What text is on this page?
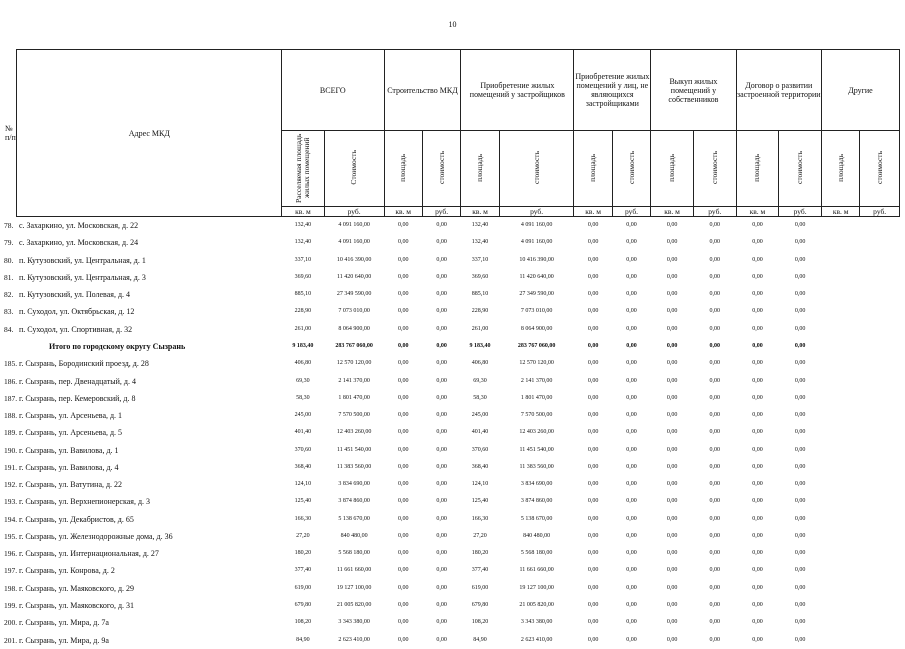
10
№ п/п	Адрес МКД	ВСЕГО		Строительство МКД		Приобретение жилых помещений у застройщиков		Приобретение жилых помещений у лиц, не являющихся застройщиками		Выкуп жилых помещений у собственников		Договор о развитии застроенной территории		Другие	
		Расселяемая площадь жилых помещений	Стоимость	площадь	стоимость	площадь	стоимость	площадь	стоимость	площадь	стоимость	площадь	стоимость	площадь	стоимость
		кв. м	руб.	кв. м	руб.	кв. м	руб.	кв. м	руб.	кв. м	руб.	кв. м	руб.	кв. м	руб.
78.	с. Захаркино, ул. Московская, д. 22	132,40	4 091 160,00	0,00	0,00	132,40	4 091 160,00	0,00	0,00	0,00	0,00	0,00	0,00		
79.	с. Захаркино, ул. Московская, д. 24	132,40	4 091 160,00	0,00	0,00	132,40	4 091 160,00	0,00	0,00	0,00	0,00	0,00	0,00		
80.	п. Кутузовский, ул. Центральная, д. 1	337,10	10 416 390,00	0,00	0,00	337,10	10 416 390,00	0,00	0,00	0,00	0,00	0,00	0,00		
81.	п. Кутузовский, ул. Центральная, д. 3	369,60	11 420 640,00	0,00	0,00	369,60	11 420 640,00	0,00	0,00	0,00	0,00	0,00	0,00		
82.	п. Кутузовский, ул. Полевая, д. 4	885,10	27 349 590,00	0,00	0,00	885,10	27 349 590,00	0,00	0,00	0,00	0,00	0,00	0,00		
83.	п. Суходол, ул. Октябрьская, д. 12	228,90	7 073 010,00	0,00	0,00	228,90	7 073 010,00	0,00	0,00	0,00	0,00	0,00	0,00		
84.	п. Суходол, ул. Спортивная, д. 32	261,00	8 064 900,00	0,00	0,00	261,00	8 064 900,00	0,00	0,00	0,00	0,00	0,00	0,00		
	Итого по городскому округу Сызрань	9 183,40	283 767 060,00	0,00	0,00	9 183,40	283 767 060,00	0,00	0,00	0,00	0,00	0,00	0,00		
185.	г. Сызрань, Бородинский проезд, д. 28	406,80	12 570 120,00	0,00	0,00	406,80	12 570 120,00	0,00	0,00	0,00	0,00	0,00	0,00		
186.	г. Сызрань, пер. Двенадцатый, д. 4	69,30	2 141 370,00	0,00	0,00	69,30	2 141 370,00	0,00	0,00	0,00	0,00	0,00	0,00		
187.	г. Сызрань, пер. Кемеровский, д. 8	58,30	1 801 470,00	0,00	0,00	58,30	1 801 470,00	0,00	0,00	0,00	0,00	0,00	0,00		
188.	г. Сызрань, ул. Арсеньева, д. 1	245,00	7 570 500,00	0,00	0,00	245,00	7 570 500,00	0,00	0,00	0,00	0,00	0,00	0,00		
189.	г. Сызрань, ул. Арсеньева, д. 5	401,40	12 403 260,00	0,00	0,00	401,40	12 403 260,00	0,00	0,00	0,00	0,00	0,00	0,00		
190.	г. Сызрань, ул. Вавилова, д. 1	370,60	11 451 540,00	0,00	0,00	370,60	11 451 540,00	0,00	0,00	0,00	0,00	0,00	0,00		
191.	г. Сызрань, ул. Вавилова, д. 4	368,40	11 383 560,00	0,00	0,00	368,40	11 383 560,00	0,00	0,00	0,00	0,00	0,00	0,00		
192.	г. Сызрань, ул. Ватутина, д. 22	124,10	3 834 690,00	0,00	0,00	124,10	3 834 690,00	0,00	0,00	0,00	0,00	0,00	0,00		
193.	г. Сызрань, ул. Верхнепионерская, д. 3	125,40	3 874 860,00	0,00	0,00	125,40	3 874 860,00	0,00	0,00	0,00	0,00	0,00	0,00		
194.	г. Сызрань, ул. Декабристов, д. 65	166,30	5 138 670,00	0,00	0,00	166,30	5 138 670,00	0,00	0,00	0,00	0,00	0,00	0,00		
195.	г. Сызрань, ул. Железнодорожные дома, д. 36	27,20	840 480,00	0,00	0,00	27,20	840 480,00	0,00	0,00	0,00	0,00	0,00	0,00		
196.	г. Сызрань, ул. Интернациональная, д. 27	180,20	5 568 180,00	0,00	0,00	180,20	5 568 180,00	0,00	0,00	0,00	0,00	0,00	0,00		
197.	г. Сызрань, ул. Конрова, д. 2	377,40	11 661 660,00	0,00	0,00	377,40	11 661 660,00	0,00	0,00	0,00	0,00	0,00	0,00		
198.	г. Сызрань, ул. Маяковского, д. 29	619,00	19 127 100,00	0,00	0,00	619,00	19 127 100,00	0,00	0,00	0,00	0,00	0,00	0,00		
199.	г. Сызрань, ул. Маяковского, д. 31	679,80	21 005 820,00	0,00	0,00	679,80	21 005 820,00	0,00	0,00	0,00	0,00	0,00	0,00		
200.	г. Сызрань, ул. Мира, д. 7а	108,20	3 343 380,00	0,00	0,00	108,20	3 343 380,00	0,00	0,00	0,00	0,00	0,00	0,00		
201.	г. Сызрань, ул. Мира, д. 9а	84,90	2 623 410,00	0,00	0,00	84,90	2 623 410,00	0,00	0,00	0,00	0,00	0,00	0,00		
